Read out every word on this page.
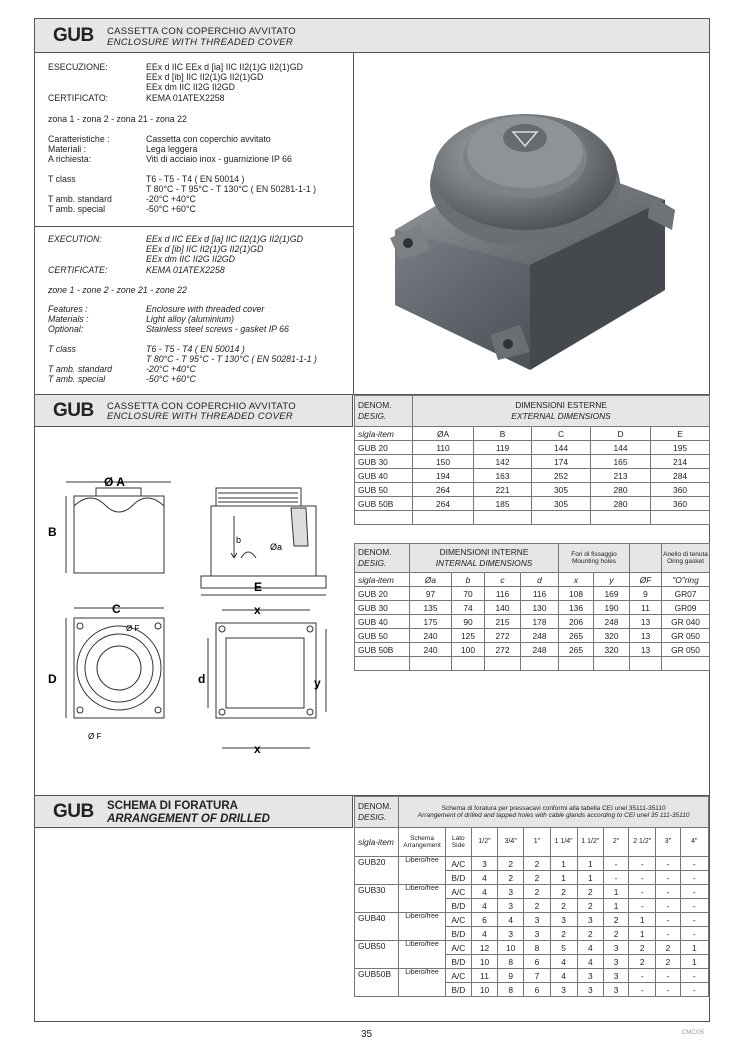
GUB CASSETTA CON COPERCHIO AVVITATO
ENCLOSURE WITH THREADED COVER
ESECUZIONE:	EEx d IIC EEx d [ia] IIC II2(1)G II2(1)GD
EEx d [ib] IIC II2(1)G II2(1)GD
EEx dm IIC II2G II2GD
CERTIFICATO:	KEMA 01ATEX2258
zona 1 - zona 2 - zona 21 - zona 22
Caratteristiche :	Cassetta con coperchio avvitato
Materiali :	Lega leggera
A richiesta:	Viti di acciaio inox - guarnizione IP 66
T class	T6 - T5 - T4 ( EN 50014 )
T 80°C - T 95°C - T 130°C ( EN 50281-1-1 )
T amb. standard	-20°C +40°C
T amb. special	-50°C +60°C
EXECUTION:	EEx d IIC EEx d [ia] IIC II2(1)G II2(1)GD
EEx d [ib] IIC II2(1)G II2(1)GD
EEx dm IIC II2G II2GD
CERTIFICATE:	KEMA 01ATEX2258
zone 1 - zone 2 - zone 21 - zone 22
Features :	Enclosure with threaded cover
Materials :	Light alloy (aluminium)
Optional:	Stainless steel screws - gasket IP 66
T class	T6 - T5 - T4 ( EN 50014 )
T 80°C - T 95°C - T 130°C ( EN 50281-1-1 )
T amb. standard	-20°C +40°C
T amb. special	-50°C +60°C
GUB CASSETTA CON COPERCHIO AVVITATO
ENCLOSURE WITH THREADED COVER
DENOM.
DESIG.	DIMENSIONI ESTERNE
EXTERNAL DIMENSIONS				
sigla-item	ØA	B	C	D	E
GUB 20	110	119	144	144	195
GUB 30	150	142	174	165	214
GUB 40	194	163	252	213	284
GUB 50	264	221	305	280	360
GUB 50B	264	185	305	280	360

DENOM.
DESIG.	DIMENSIONI INTERNE
INTERNAL DIMENSIONS				Fori di fissaggio
Mounting holes			Anello di tenuta
Oring gasket
sigla-item	Øa	b	c	d	x	y	ØF	"O"ring
GUB 20	97	70	116	116	108	169	9	GR07
GUB 30	135	74	140	130	136	190	11	GR09
GUB 40	175	90	215	178	206	248	13	GR 040
GUB 50	240	125	272	248	265	320	13	GR 050
GUB 50B	240	100	272	248	265	320	13	GR 050

Ø A
B
E
b
Øa
C
D
Ø F
Ø F
x
x
y
d
GUB SCHEMA DI FORATURA
ARRANGEMENT OF DRILLED
DENOM.
DESIG.	Schema di foratura per pressacavi conformi alla tabella CEI unel 35111-35110
Arrangement of drilled and tapped holes with cable glands according to CEI unel 35 111-35110										
sigla-item	Schema Arrangement	Lato Side	1/2"	3/4"	1"	1 1/4"	1 1/2"	2"	2 1/2"	3"	4"
GUB20	Libero/free	A/C	3	2	2	1	1	-	-	-	-
		B/D	4	2	2	1	1	-	-	-	-
GUB30	Libero/free	A/C	4	3	2	2	2	1	-	-	-
		B/D	4	3	2	2	2	1	-	-	-
GUB40	Libero/free	A/C	6	4	3	3	3	2	1	-	-
		B/D	4	3	3	2	2	2	1	-	-
GUB50	Libero/free	A/C	12	10	8	5	4	3	2	2	1
		B/D	10	8	6	4	4	3	2	2	1
GUB50B	Libero/free	A/C	11	9	7	4	3	3	-	-	-
		B/D	10	8	6	3	3	3	-	-	-
35	CMC/05
